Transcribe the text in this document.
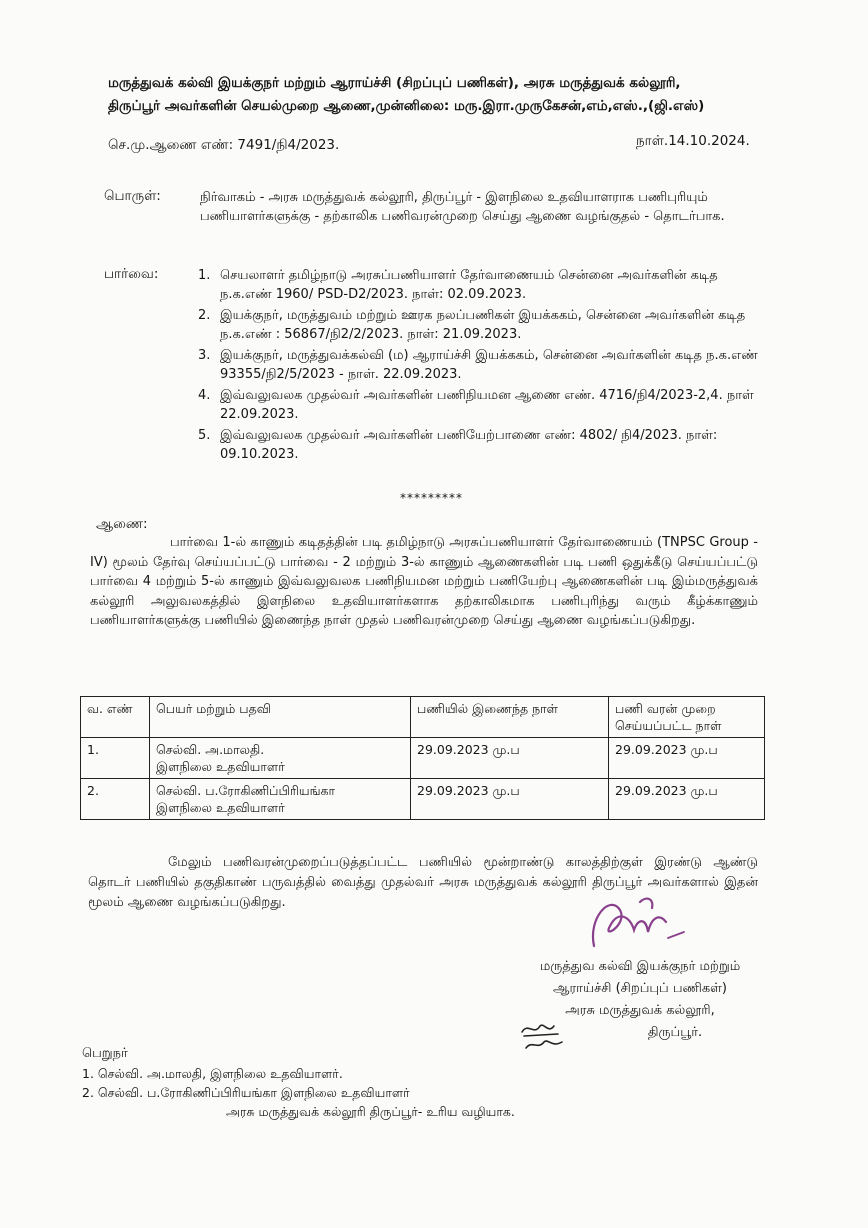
மருத்துவக் கல்வி இயக்குநர் மற்றும் ஆராய்ச்சி (சிறப்புப் பணிகள்), அரசு மருத்துவக் கல்லூரி,
திருப்பூர் அவர்களின் செயல்முறை ஆணை,முன்னிலை: மரு.இரா.முருகேசன்,எம்,எஸ்.,(ஜி.எஸ்)
செ.மு.ஆணை எண்: 7491/நி4/2023.	நாள்.14.10.2024.
பொருள்:	நிர்வாகம் - அரசு மருத்துவக் கல்லூரி, திருப்பூர் - இளநிலை உதவியாளராக பணிபுரியும் பணியாளர்களுக்கு - தற்காலிக பணிவரன்முறை செய்து ஆணை வழங்குதல் - தொடர்பாக.
பார்வை:	1. செயலாளர் தமிழ்நாடு அரசுப்பணியாளர் தேர்வாணையம் சென்னை அவர்களின் கடித ந.க.எண் 1960/ PSD-D2/2023. நாள்: 02.09.2023.
2. இயக்குநர், மருத்துவம் மற்றும் ஊரக நலப்பணிகள் இயக்ககம், சென்னை அவர்களின் கடித ந.க.எண் : 56867/நி2/2/2023. நாள்: 21.09.2023.
3. இயக்குநர், மருத்துவக்கல்வி (ம) ஆராய்ச்சி இயக்ககம், சென்னை அவர்களின் கடித ந.க.எண் 93355/நி2/5/2023 - நாள். 22.09.2023.
4. இவ்வலுவலக முதல்வர் அவர்களின் பணிநியமன ஆணை எண். 4716/நி4/2023-2,4. நாள் 22.09.2023.
5. இவ்வலுவலக முதல்வர் அவர்களின் பணியேற்பாணை எண்: 4802/ நி4/2023. நாள்: 09.10.2023.
*********
ஆணை:

பார்வை 1-ல் காணும் கடிதத்தின் படி தமிழ்நாடு அரசுப்பணியாளர் தேர்வாணையம் (TNPSC Group -IV) மூலம் தேர்வு செய்யப்பட்டு பார்வை - 2 மற்றும் 3-ல் காணும் ஆணைகளின் படி பணி ஒதுக்கீடு செய்யப்பட்டு பார்வை 4 மற்றும் 5-ல் காணும் இவ்வலுவலக பணிநியமன மற்றும் பணியேற்பு ஆணைகளின் படி இம்மருத்துவக் கல்லூரி அலுவலகத்தில் இளநிலை உதவியாளர்களாக தற்காலிகமாக பணிபுரிந்து வரும் கீழ்க்காணும் பணியாளர்களுக்கு பணியில் இணைந்த நாள் முதல் பணிவரன்முறை செய்து ஆணை வழங்கப்படுகிறது.

வ. எண்	பெயர் மற்றும் பதவி	பணியில் இணைந்த நாள்	பணி வரன் முறை செய்யப்பட்ட நாள்
1.	செல்வி. அ.மாலதி.
இளநிலை உதவியாளர்	29.09.2023 மு.ப	29.09.2023 மு.ப
2.	செல்வி. ப.ரோகிணிப்பிரியங்கா
இளநிலை உதவியாளர்	29.09.2023 மு.ப	29.09.2023 மு.ப

மேலும் பணிவரன்முறைப்படுத்தப்பட்ட பணியில் மூன்றாண்டு காலத்திற்குள் இரண்டு ஆண்டு தொடர் பணியில் தகுதிகாண் பருவத்தில் வைத்து முதல்வர் அரசு மருத்துவக் கல்லூரி திருப்பூர் அவர்களால் இதன் மூலம் ஆணை வழங்கப்படுகிறது.

மருத்துவ கல்வி இயக்குநர் மற்றும்
ஆராய்ச்சி (சிறப்புப் பணிகள்)
அரசு மருத்துவக் கல்லூரி,
திருப்பூர்.
பெறுநர்
1. செல்வி. அ.மாலதி, இளநிலை உதவியாளர்.
2. செல்வி. ப.ரோகிணிப்பிரியங்கா இளநிலை உதவியாளர்
அரசு மருத்துவக் கல்லூரி திருப்பூர்- உரிய வழியாக.
